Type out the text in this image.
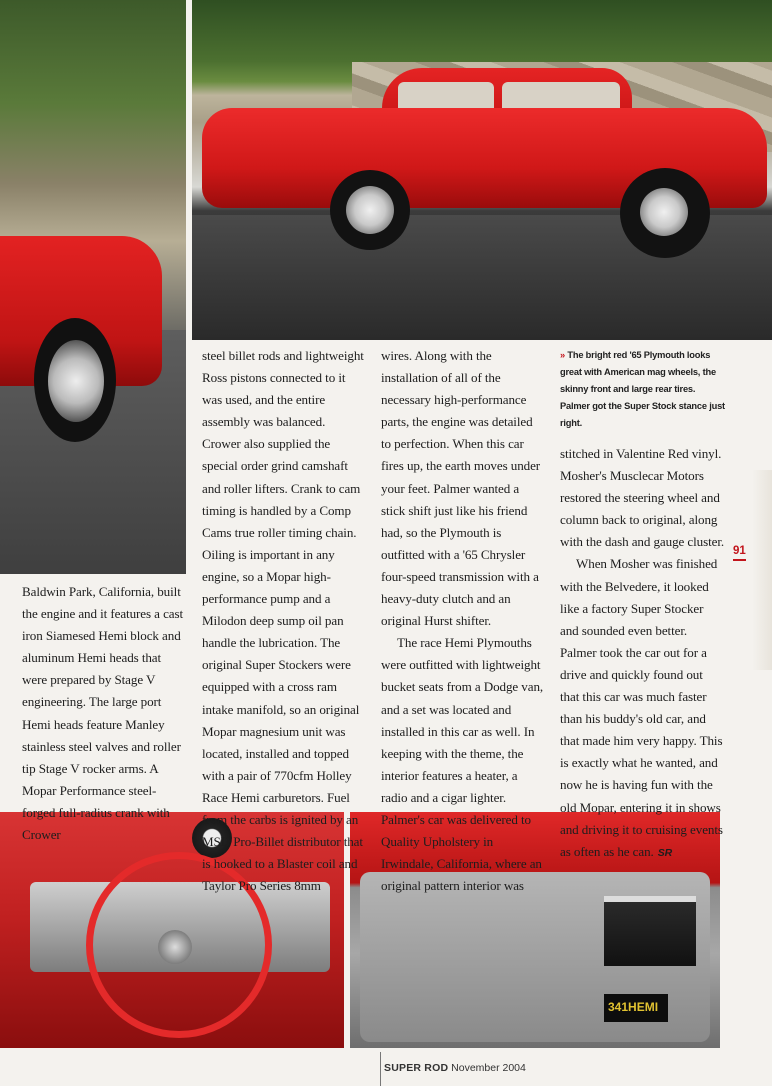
341HEMI

Baldwin Park, California, built the engine and it features a cast iron Siamesed Hemi block and aluminum Hemi heads that were prepared by Stage V engineering. The large port Hemi heads feature Manley stainless steel valves and roller tip Stage V rocker arms. A Mopar Performance steel-forged full-radius crank with Crower

steel billet rods and lightweight Ross pistons connected to it was used, and the entire assembly was balanced. Crower also supplied the special order grind camshaft and roller lifters. Crank to cam timing is handled by a Comp Cams true roller timing chain. Oiling is important in any engine, so a Mopar high-performance pump and a Milodon deep sump oil pan handle the lubrication. The original Super Stockers were equipped with a cross ram intake manifold, so an original Mopar magnesium unit was located, installed and topped with a pair of 770cfm Holley Race Hemi carburetors. Fuel from the carbs is ignited by an MSD Pro-Billet distributor that is hooked to a Blaster coil and Taylor Pro Series 8mm

wires. Along with the installation of all of the necessary high-performance parts, the engine was detailed to perfection. When this car fires up, the earth moves under your feet. Palmer wanted a stick shift just like his friend had, so the Plymouth is outfitted with a '65 Chrysler four-speed transmission with a heavy-duty clutch and an original Hurst shifter.

The race Hemi Plymouths were outfitted with lightweight bucket seats from a Dodge van, and a set was located and installed in this car as well. In keeping with the theme, the interior features a heater, a radio and a cigar lighter. Palmer's car was delivered to Quality Upholstery in Irwindale, California, where an original pattern interior was

» The bright red '65 Plymouth looks great with American mag wheels, the skinny front and large rear tires. Palmer got the Super Stock stance just right.

stitched in Valentine Red vinyl. Mosher's Musclecar Motors restored the steering wheel and column back to original, along with the dash and gauge cluster.

When Mosher was finished with the Belvedere, it looked like a factory Super Stocker and sounded even better. Palmer took the car out for a drive and quickly found out that this car was much faster than his buddy's old car, and that made him very happy. This is exactly what he wanted, and now he is having fun with the old Mopar, entering it in shows and driving it to cruising events as often as he can. SR

91
SUPER ROD November 2004
